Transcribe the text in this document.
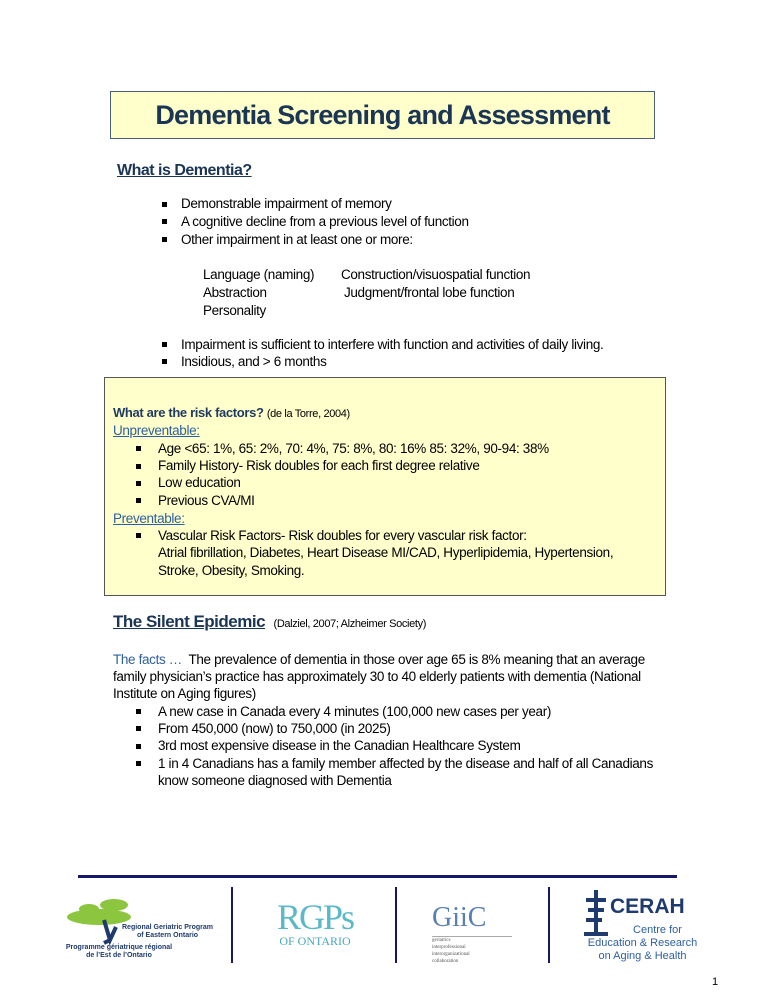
Dementia Screening and Assessment
What is Dementia?
Demonstrable impairment of memory
A cognitive decline from a previous level of function
Other impairment in at least one or more:
Language (naming)
Abstraction
Personality
Construction/visuospatial function
Judgment/frontal lobe function
Impairment is sufficient to interfere with function and activities of daily living.
Insidious, and > 6 months
What are the risk factors? (de la Torre, 2004)
Unpreventable:
Age <65: 1%, 65: 2%, 70: 4%, 75: 8%, 80: 16% 85: 32%, 90-94: 38%
Family History- Risk doubles for each first degree relative
Low education
Previous CVA/MI
Preventable:
Vascular Risk Factors- Risk doubles for every vascular risk factor:
Atrial fibrillation, Diabetes, Heart Disease MI/CAD, Hyperlipidemia, Hypertension,
Stroke, Obesity, Smoking.
The Silent Epidemic (Dalziel, 2007; Alzheimer Society)
The facts … The prevalence of dementia in those over age 65 is 8% meaning that an average
family physician’s practice has approximately 30 to 40 elderly patients with dementia (National
Institute on Aging figures)
A new case in Canada every 4 minutes (100,000 new cases per year)
From 450,000 (now) to 750,000 (in 2025)
3rd most expensive disease in the Canadian Healthcare System
1 in 4 Canadians has a family member affected by the disease and half of all Canadians
know someone diagnosed with Dementia
Regional Geriatric Program
of Eastern Ontario
Programme gériatrique régional
de l’Est de l’Ontario
RGPs
OF ONTARIO
GiiC
geriatrics
interprofessional
interorganizational
collaboration
CERAH
Centre for
Education & Research
on Aging & Health
1
